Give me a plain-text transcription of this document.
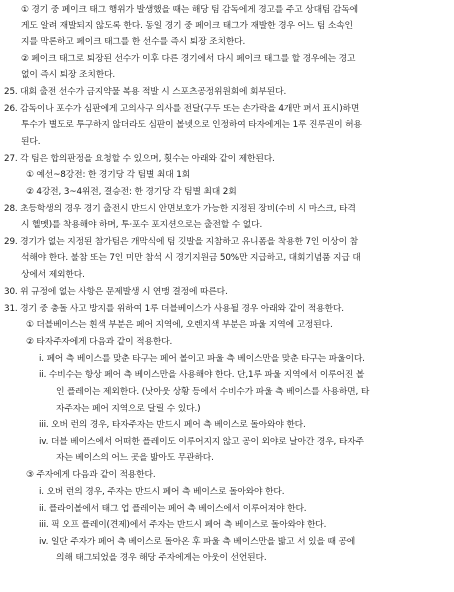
① 경기 중 페이크 태그 행위가 발생했을 때는 해당 팀 감독에게 경고를 주고 상대팀 감독에
게도 알려 재발되지 않도록 한다. 동일 경기 중 페이크 태그가 재발한 경우 어느 팀 소속인
지를 막론하고 페이크 태그를 한 선수를 즉시 퇴장 조치한다.
② 페이크 태그로 퇴장된 선수가 이후 다른 경기에서 다시 페이크 태그를 할 경우에는 경고
없이 즉시 퇴장 조치한다.
25. 대회 출전 선수가 금지약물 복용 적발 시 스포츠공정위원회에 회부된다.
26. 감독이나 포수가 심판에게 고의사구 의사를 전달(구두 또는 손가락을 4개만 펴서 표시)하면
투수가 별도로 투구하지 않더라도 심판이 볼넷으로 인정하여 타자에게는 1루 진루권이 허용
된다.
27. 각 팀은 합의판정을 요청할 수 있으며, 횟수는 아래와 같이 제한된다.
① 예선~8강전: 한 경기당 각 팀별 최대 1회
② 4강전, 3~4위전, 결승전: 한 경기당 각 팀별 최대 2회
28. 초등학생의 경우 경기 출전시 반드시 안면보호가 가능한 지정된 장비(수비 시 마스크, 타격
시 헬멧)를 착용해야 하며, 투·포수 포지션으로는 출전할 수 없다.
29. 경기가 없는 지정된 참가팀은 개막식에 팀 깃발을 지참하고 유니폼을 착용한 7인 이상이 참
석해야 한다. 불참 또는 7인 미만 참석 시 경기지원금 50%만 지급하고, 대회기념품 지급 대
상에서 제외한다.
30. 위 규정에 없는 사항은 문제발생 시 연맹 결정에 따른다.
31. 경기 중 충돌 사고 방지를 위하여 1루 더블베이스가 사용될 경우 아래와 같이 적용한다.
① 더블베이스는 흰색 부분은 페어 지역에, 오렌지색 부분은 파울 지역에 고정된다.
② 타자주자에게 다음과 같이 적용한다.
i. 페어 측 베이스를 맞춘 타구는 페어 볼이고 파울 측 베이스만을 맞춘 타구는 파울이다.
ii. 수비수는 항상 페어 측 베이스만을 사용해야 한다. 단,1루 파울 지역에서 이루어진 볼
인 플레이는 제외한다. (낫아웃 상황 등에서 수비수가 파울 측 베이스를 사용하면, 타
자주자는 페어 지역으로 달릴 수 있다.)
iii. 오버 런의 경우, 타자주자는 반드시 페어 측 베이스로 돌아와야 한다.
iv. 더블 베이스에서 어떠한 플레이도 이루어지지 않고 공이 외야로 날아간 경우, 타자주
자는 베이스의 어느 곳을 밟아도 무관하다.
③ 주자에게 다음과 같이 적용한다.
i. 오버 런의 경우, 주자는 반드시 페어 측 베이스로 돌아와야 한다.
ii. 플라이볼에서 태그 업 플레이는 페어 측 베이스에서 이루어져야 한다.
iii. 픽 오프 플레이(견제)에서 주자는 반드시 페어 측 베이스로 돌아와야 한다.
iv. 일단 주자가 페어 측 베이스로 돌아온 후 파울 측 베이스만을 밟고 서 있을 때 공에
의해 태그되었을 경우 해당 주자에게는 아웃이 선언된다.
